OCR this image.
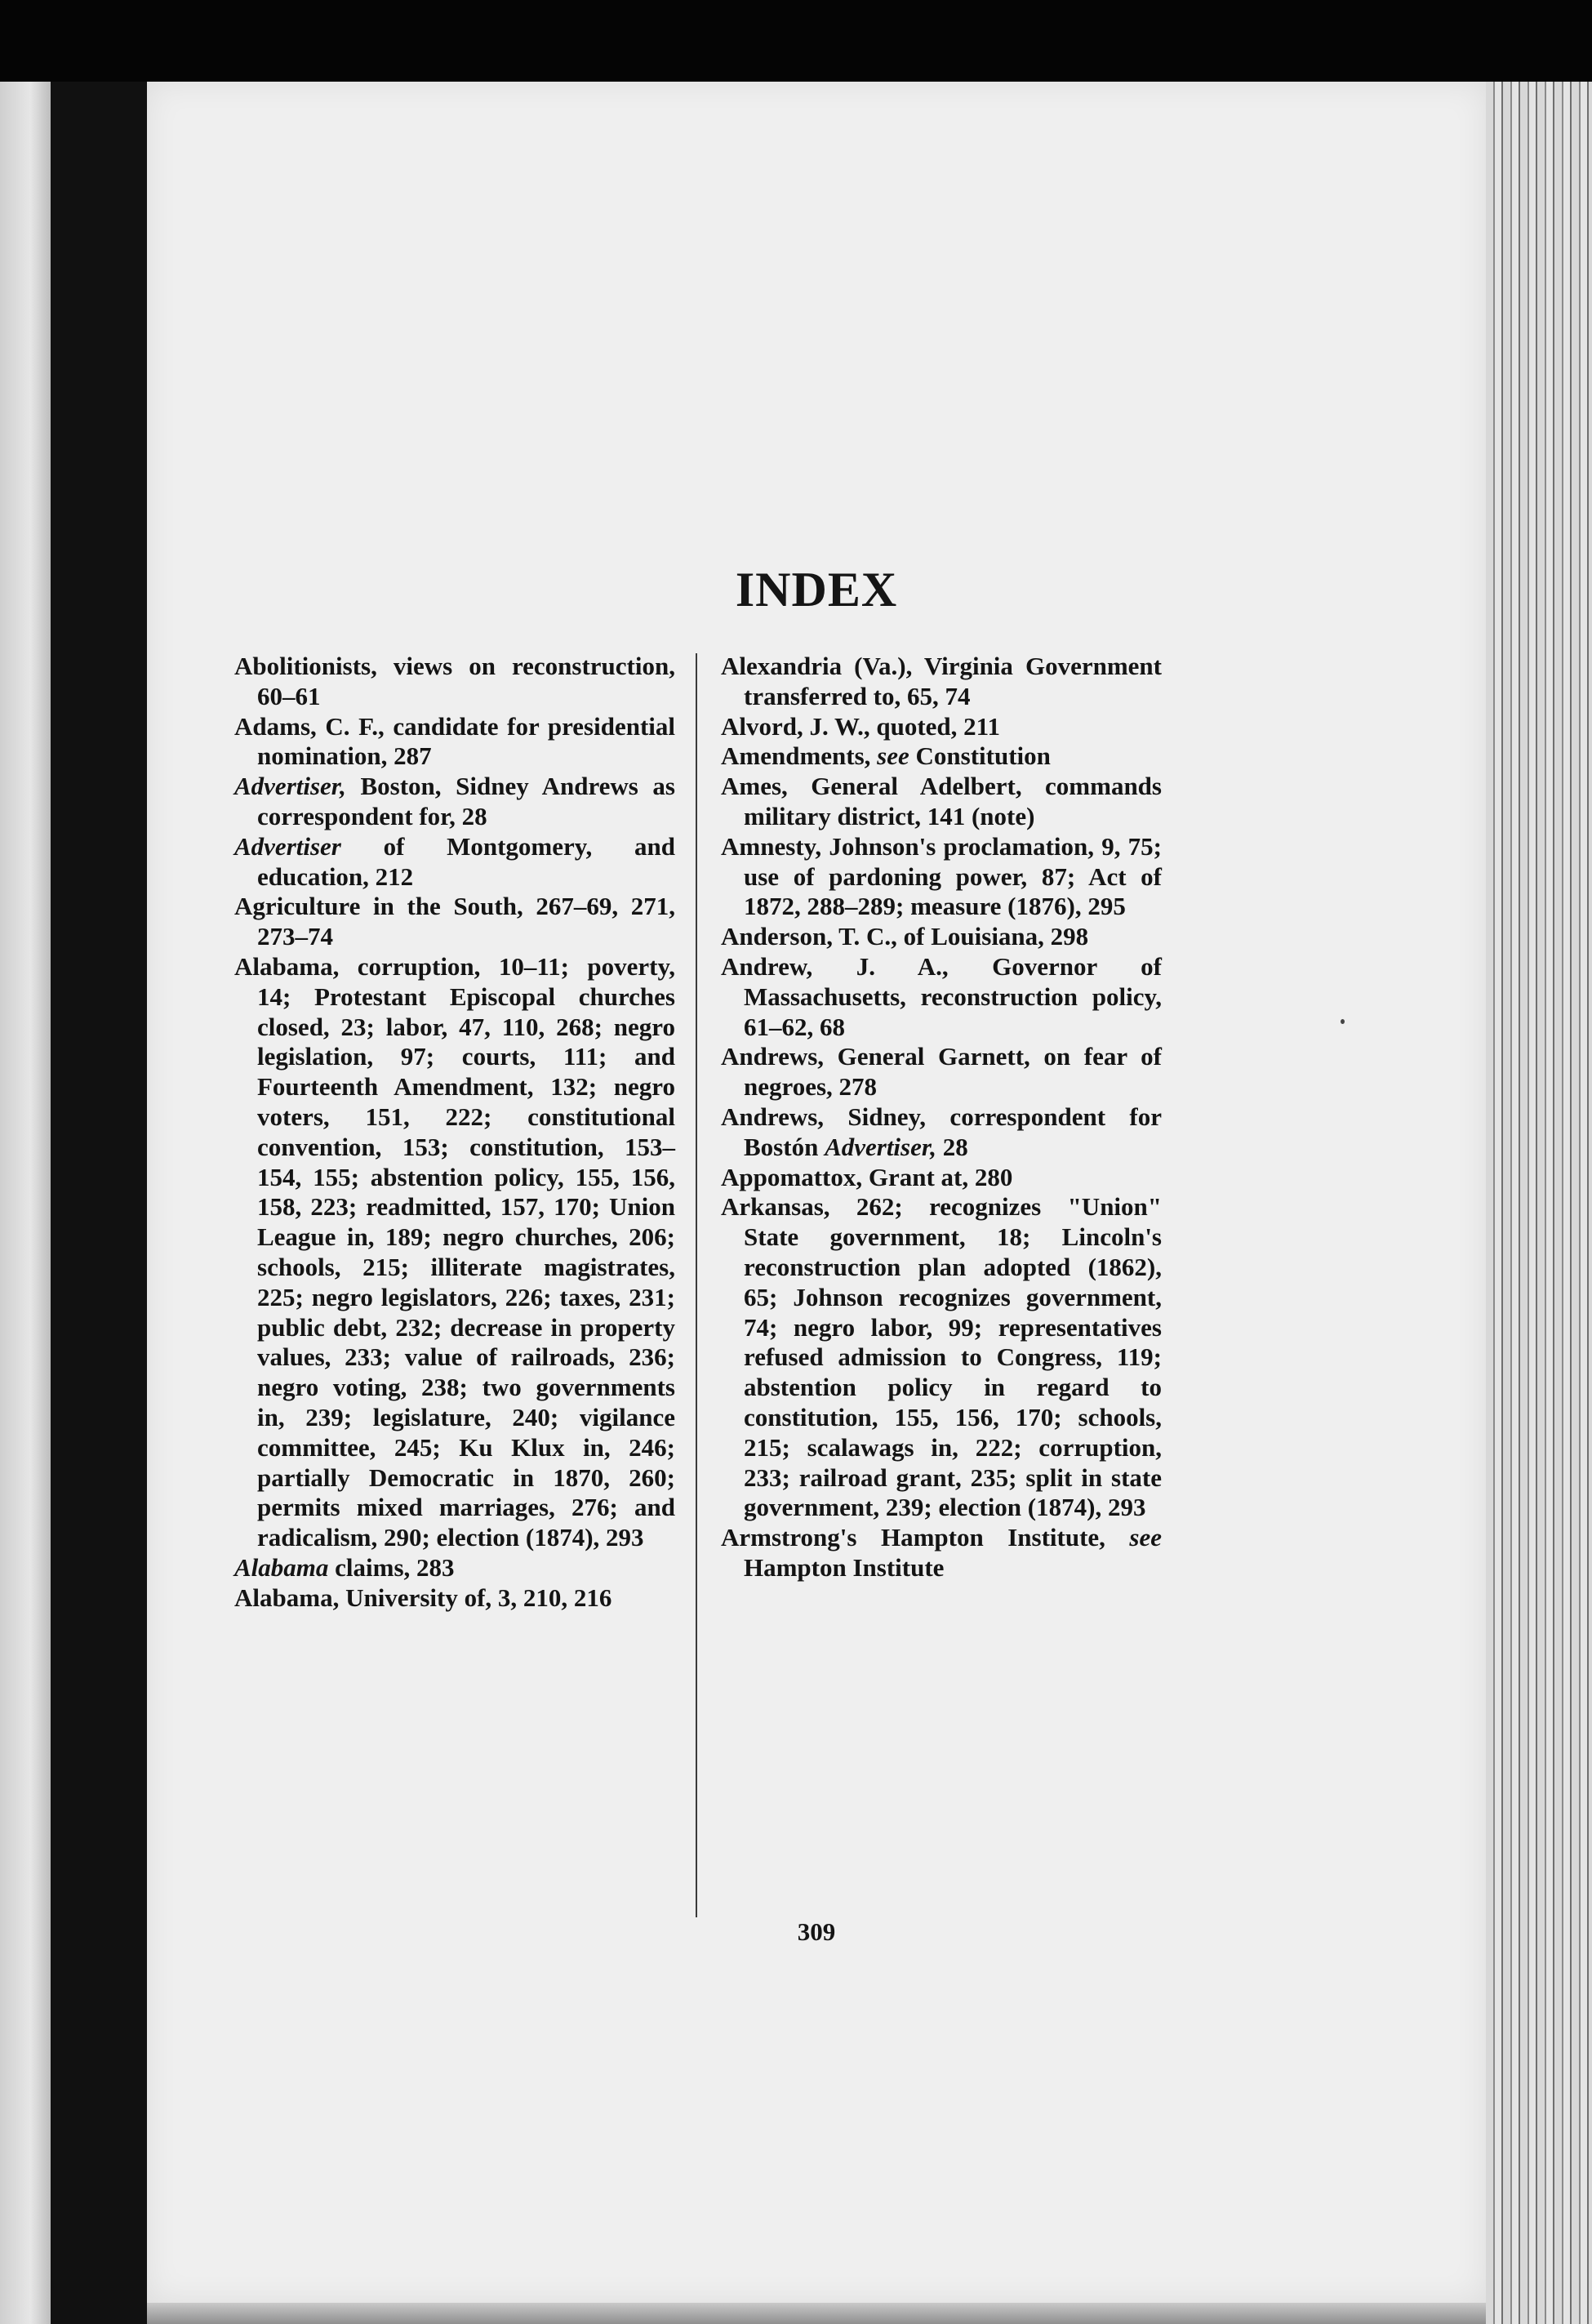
INDEX

Abolitionists, views on reconstruction, 60–61

Adams, C. F., candidate for presidential nomination, 287

Advertiser, Boston, Sidney Andrews as correspondent for, 28

Advertiser of Montgomery, and education, 212

Agriculture in the South, 267–69, 271, 273–74

Alabama, corruption, 10–11; poverty, 14; Protestant Episcopal churches closed, 23; labor, 47, 110, 268; negro legislation, 97; courts, 111; and Fourteenth Amendment, 132; negro voters, 151, 222; constitutional convention, 153; constitution, 153–154, 155; abstention policy, 155, 156, 158, 223; readmitted, 157, 170; Union League in, 189; negro churches, 206; schools, 215; illiterate magistrates, 225; negro legislators, 226; taxes, 231; public debt, 232; decrease in property values, 233; value of railroads, 236; negro voting, 238; two governments in, 239; legislature, 240; vigilance committee, 245; Ku Klux in, 246; partially Democratic in 1870, 260; permits mixed marriages, 276; and radicalism, 290; election (1874), 293

Alabama claims, 283

Alabama, University of, 3, 210, 216

Alexandria (Va.), Virginia Government transferred to, 65, 74

Alvord, J. W., quoted, 211

Amendments, see Constitution

Ames, General Adelbert, commands military district, 141 (note)

Amnesty, Johnson's proclamation, 9, 75; use of pardoning power, 87; Act of 1872, 288–289; measure (1876), 295

Anderson, T. C., of Louisiana, 298

Andrew, J. A., Governor of Massachusetts, reconstruction policy, 61–62, 68

Andrews, General Garnett, on fear of negroes, 278

Andrews, Sidney, correspondent for Bostón Advertiser, 28

Appomattox, Grant at, 280

Arkansas, 262; recognizes "Union" State government, 18; Lincoln's reconstruction plan adopted (1862), 65; Johnson recognizes government, 74; negro labor, 99; representatives refused admission to Congress, 119; abstention policy in regard to constitution, 155, 156, 170; schools, 215; scalawags in, 222; corruption, 233; railroad grant, 235; split in state government, 239; election (1874), 293

Armstrong's Hampton Institute, see Hampton Institute

309
